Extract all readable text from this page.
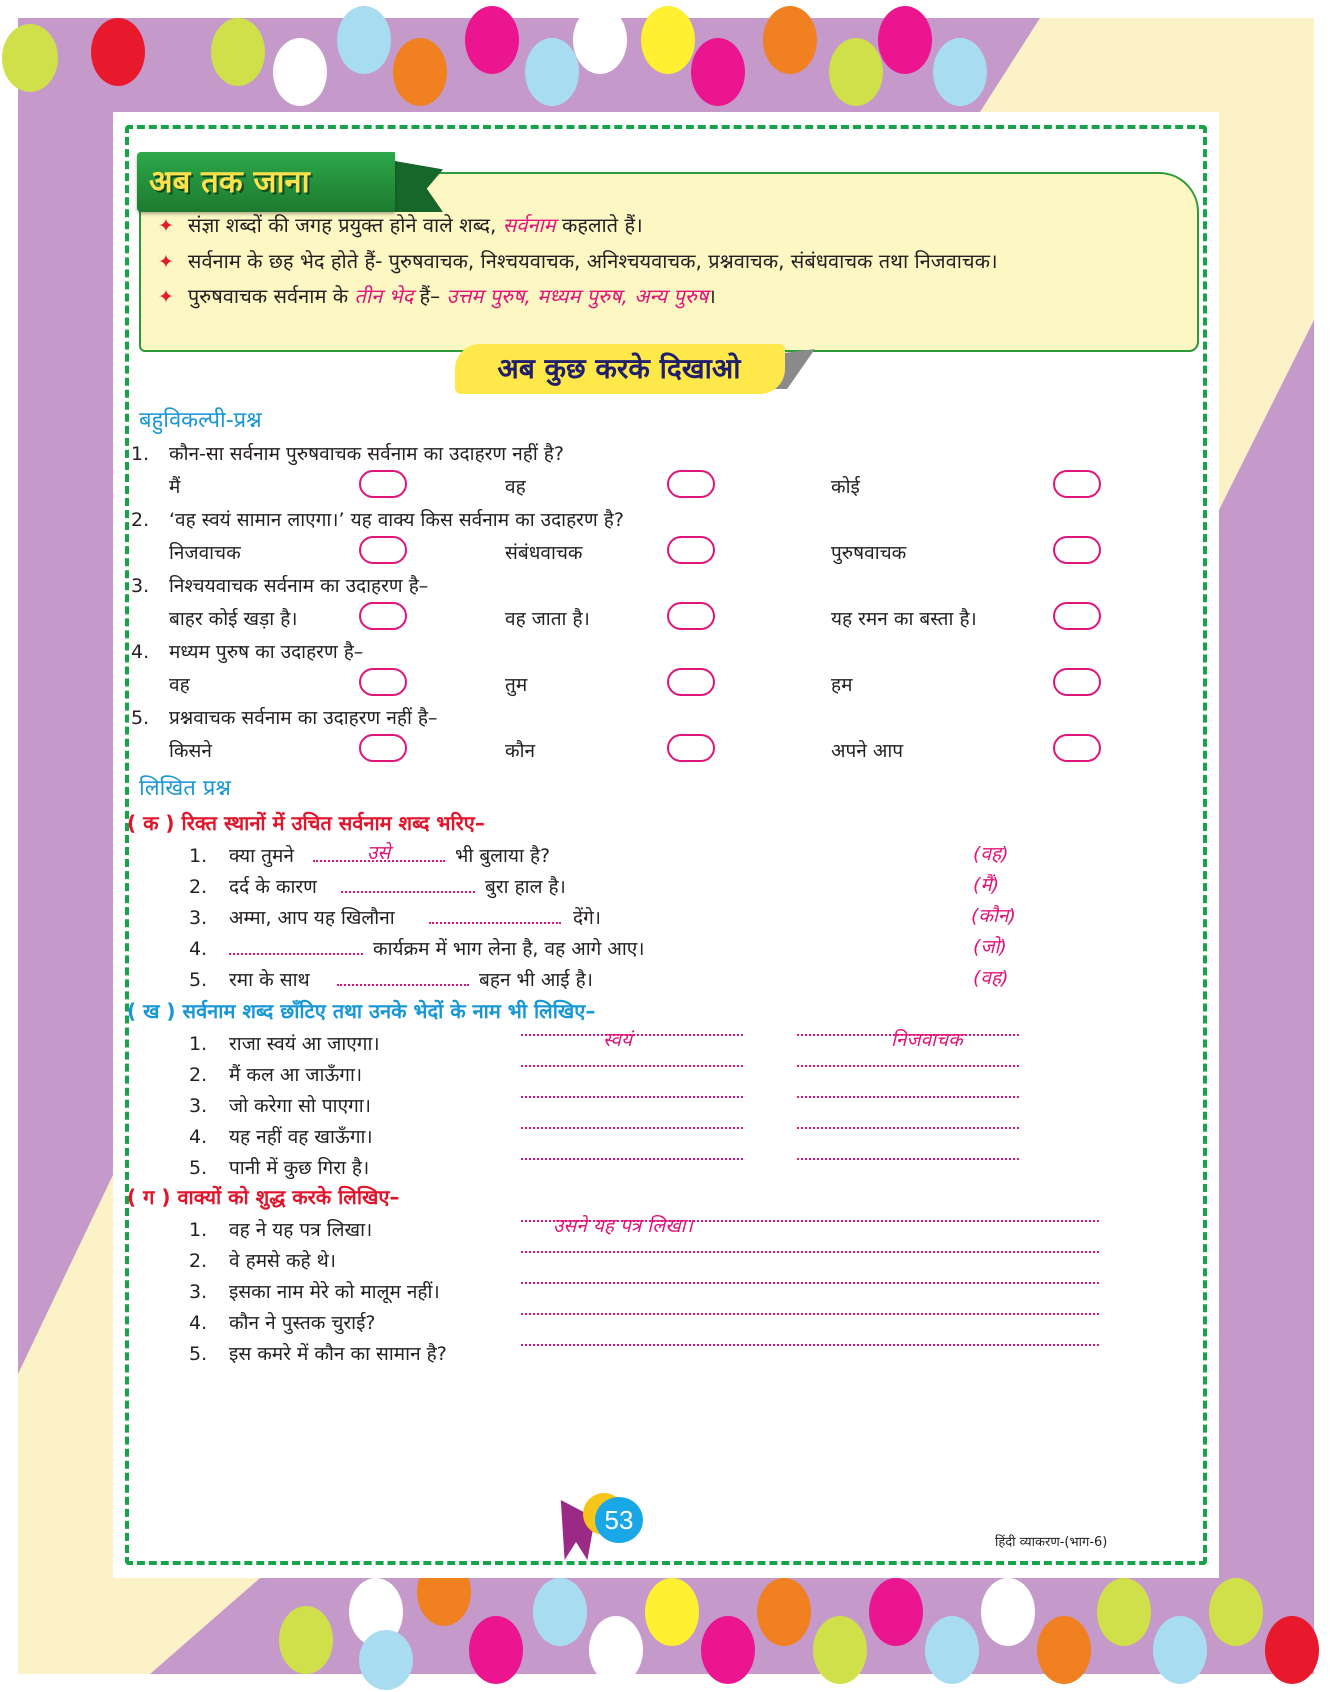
अब तक जाना
✦ संज्ञा शब्दों की जगह प्रयुक्त होने वाले शब्द, सर्वनाम कहलाते हैं।
✦ सर्वनाम के छह भेद होते हैं- पुरुषवाचक, निश्चयवाचक, अनिश्चयवाचक, प्रश्नवाचक, संबंधवाचक तथा निजवाचक।
✦ पुरुषवाचक सर्वनाम के तीन भेद हैं– उत्तम पुरुष, मध्यम पुरुष, अन्य पुरुष।
अब कुछ करके दिखाओ
बहुविकल्पी-प्रश्न
1. कौन-सा सर्वनाम पुरुषवाचक सर्वनाम का उदाहरण नहीं है?
मैं	वह	कोई
2. ‘वह स्वयं सामान लाएगा।’ यह वाक्य किस सर्वनाम का उदाहरण है?
निजवाचक	संबंधवाचक	पुरुषवाचक
3. निश्चयवाचक सर्वनाम का उदाहरण है–
बाहर कोई खड़ा है।	वह जाता है।	यह रमन का बस्ता है।
4. मध्यम पुरुष का उदाहरण है–
वह	तुम	हम
5. प्रश्नवाचक सर्वनाम का उदाहरण नहीं है–
किसने	कौन	अपने आप
लिखित प्रश्न
( क ) रिक्त स्थानों में उचित सर्वनाम शब्द भरिए–
1. क्या तुमने	उसे	भी बुलाया है?	(वह)
2. दर्द के कारण	बुरा हाल है।	(मैं)
3. अम्मा, आप यह खिलौना	देंगे।	(कौन)
4.	कार्यक्रम में भाग लेना है, वह आगे आए।	(जो)
5. रमा के साथ	बहन भी आई है।	(वह)
( ख ) सर्वनाम शब्द छाँटिए तथा उनके भेदों के नाम भी लिखिए–
1. राजा स्वयं आ जाएगा।	स्वयं	निजवाचक
2. मैं कल आ जाऊँगा।
3. जो करेगा सो पाएगा।
4. यह नहीं वह खाऊँगा।
5. पानी में कुछ गिरा है।
( ग ) वाक्यों को शुद्ध करके लिखिए–
1. वह ने यह पत्र लिखा।	उसने यह पत्र लिखा।
2. वे हमसे कहे थे।
3. इसका नाम मेरे को मालूम नहीं।
4. कौन ने पुस्तक चुराई?
5. इस कमरे में कौन का सामान है?
53
हिंदी व्याकरण-(भाग-6)
